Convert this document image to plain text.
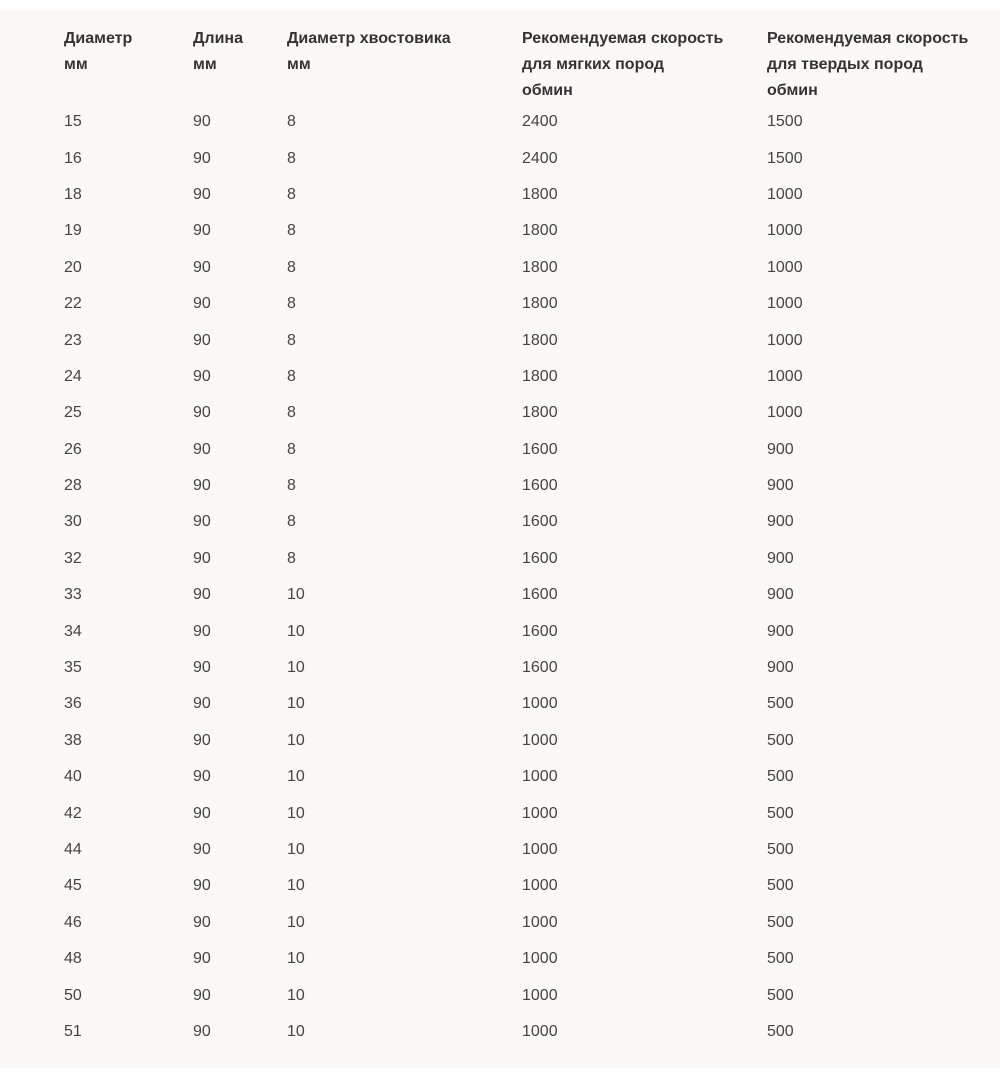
Диаметр
мм	Длина
мм	Диаметр хвостовика
мм	Рекомендуемая скорость
для мягких пород
обмин	Рекомендуемая скорость
для твердых пород
обмин

15	90	8	2400	1500
16	90	8	2400	1500
18	90	8	1800	1000
19	90	8	1800	1000
20	90	8	1800	1000
22	90	8	1800	1000
23	90	8	1800	1000
24	90	8	1800	1000
25	90	8	1800	1000
26	90	8	1600	900
28	90	8	1600	900
30	90	8	1600	900
32	90	8	1600	900
33	90	10	1600	900
34	90	10	1600	900
35	90	10	1600	900
36	90	10	1000	500
38	90	10	1000	500
40	90	10	1000	500
42	90	10	1000	500
44	90	10	1000	500
45	90	10	1000	500
46	90	10	1000	500
48	90	10	1000	500
50	90	10	1000	500
51	90	10	1000	500
